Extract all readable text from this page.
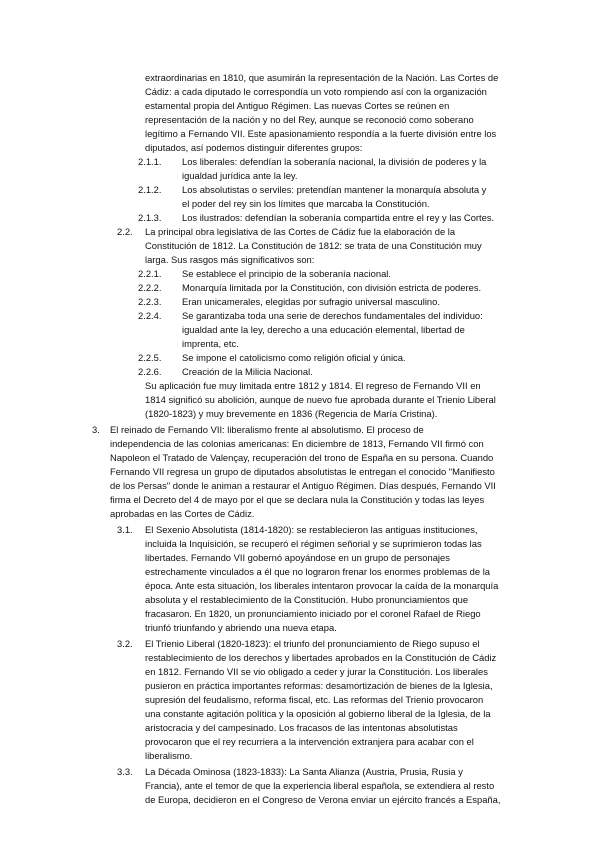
extraordinarias en 1810, que asumirán la representación de la Nación. Las Cortes de
Cádiz: a cada diputado le correspondía un voto rompiendo así con la organización
estamental propia del Antiguo Régimen. Las nuevas Cortes se reúnen en
representación de la nación y no del Rey, aunque se reconoció como soberano
legítimo a Fernando VII. Este apasionamiento respondía a la fuerte división entre los
diputados, así podemos distinguir diferentes grupos:
2.1.1. Los liberales: defendían la soberanía nacional, la división de poderes y la
igualdad jurídica ante la ley.
2.1.2. Los absolutistas o serviles: pretendían mantener la monarquía absoluta y
el poder del rey sin los límites que marcaba la Constitución.
2.1.3. Los ilustrados: defendían la soberanía compartida entre el rey y las Cortes.
2.2. La principal obra legislativa de las Cortes de Cádiz fue la elaboración de la
Constitución de 1812. La Constitución de 1812: se trata de una Constitución muy
larga. Sus rasgos más significativos son:
2.2.1. Se establece el principio de la soberanía nacional.
2.2.2. Monarquía limitada por la Constitución, con división estricta de poderes.
2.2.3. Eran unicamerales, elegidas por sufragio universal masculino.
2.2.4. Se garantizaba toda una serie de derechos fundamentales del individuo:
igualdad ante la ley, derecho a una educación elemental, libertad de
imprenta, etc.
2.2.5. Se impone el catolicismo como religión oficial y única.
2.2.6. Creación de la Milicia Nacional.
Su aplicación fue muy limitada entre 1812 y 1814. El regreso de Fernando VII en
1814 significó su abolición, aunque de nuevo fue aprobada durante el Trienio Liberal
(1820-1823) y muy brevemente en 1836 (Regencia de María Cristina).
3. El reinado de Fernando VII: liberalismo frente al absolutismo. El proceso de
independencia de las colonias americanas: En diciembre de 1813, Fernando VII firmó con
Napoleon el Tratado de Valençay, recuperación del trono de España en su persona. Cuando
Fernando VII regresa un grupo de diputados absolutistas le entregan el conocido "Manifiesto
de los Persas" donde le animan a restaurar el Antiguo Régimen. Días después, Fernando VII
firma el Decreto del 4 de mayo por el que se declara nula la Constitución y todas las leyes
aprobadas en las Cortes de Cádiz.
3.1. El Sexenio Absolutista (1814-1820): se restablecieron las antiguas instituciones,
incluida la Inquisición, se recuperó el régimen señorial y se suprimieron todas las
libertades. Fernando VII gobernó apoyándose en un grupo de personajes
estrechamente vinculados a él que no lograron frenar los enormes problemas de la
época. Ante esta situación, los liberales intentaron provocar la caída de la monarquía
absoluta y el restablecimiento de la Constitución. Hubo pronunciamientos que
fracasaron. En 1820, un pronunciamiento iniciado por el coronel Rafael de Riego
triunfó triunfando y abriendo una nueva etapa.
3.2. El Trienio Liberal (1820-1823): el triunfo del pronunciamiento de Riego supuso el
restablecimiento de los derechos y libertades aprobados en la Constitución de Cádiz
en 1812. Fernando VII se vio obligado a ceder y jurar la Constitución. Los liberales
pusieron en práctica importantes reformas: desamortización de bienes de la Iglesia,
supresión del feudalismo, reforma fiscal, etc. Las reformas del Trienio provocaron
una constante agitación política y la oposición al gobierno liberal de la Iglesia, de la
aristocracia y del campesinado. Los fracasos de las intentonas absolutistas
provocaron que el rey recurriera a la intervención extranjera para acabar con el
liberalismo.
3.3. La Década Ominosa (1823-1833): La Santa Alianza (Austria, Prusia, Rusia y
Francia), ante el temor de que la experiencia liberal española, se extendiera al resto
de Europa, decidieron en el Congreso de Verona enviar un ejército francés a España,
